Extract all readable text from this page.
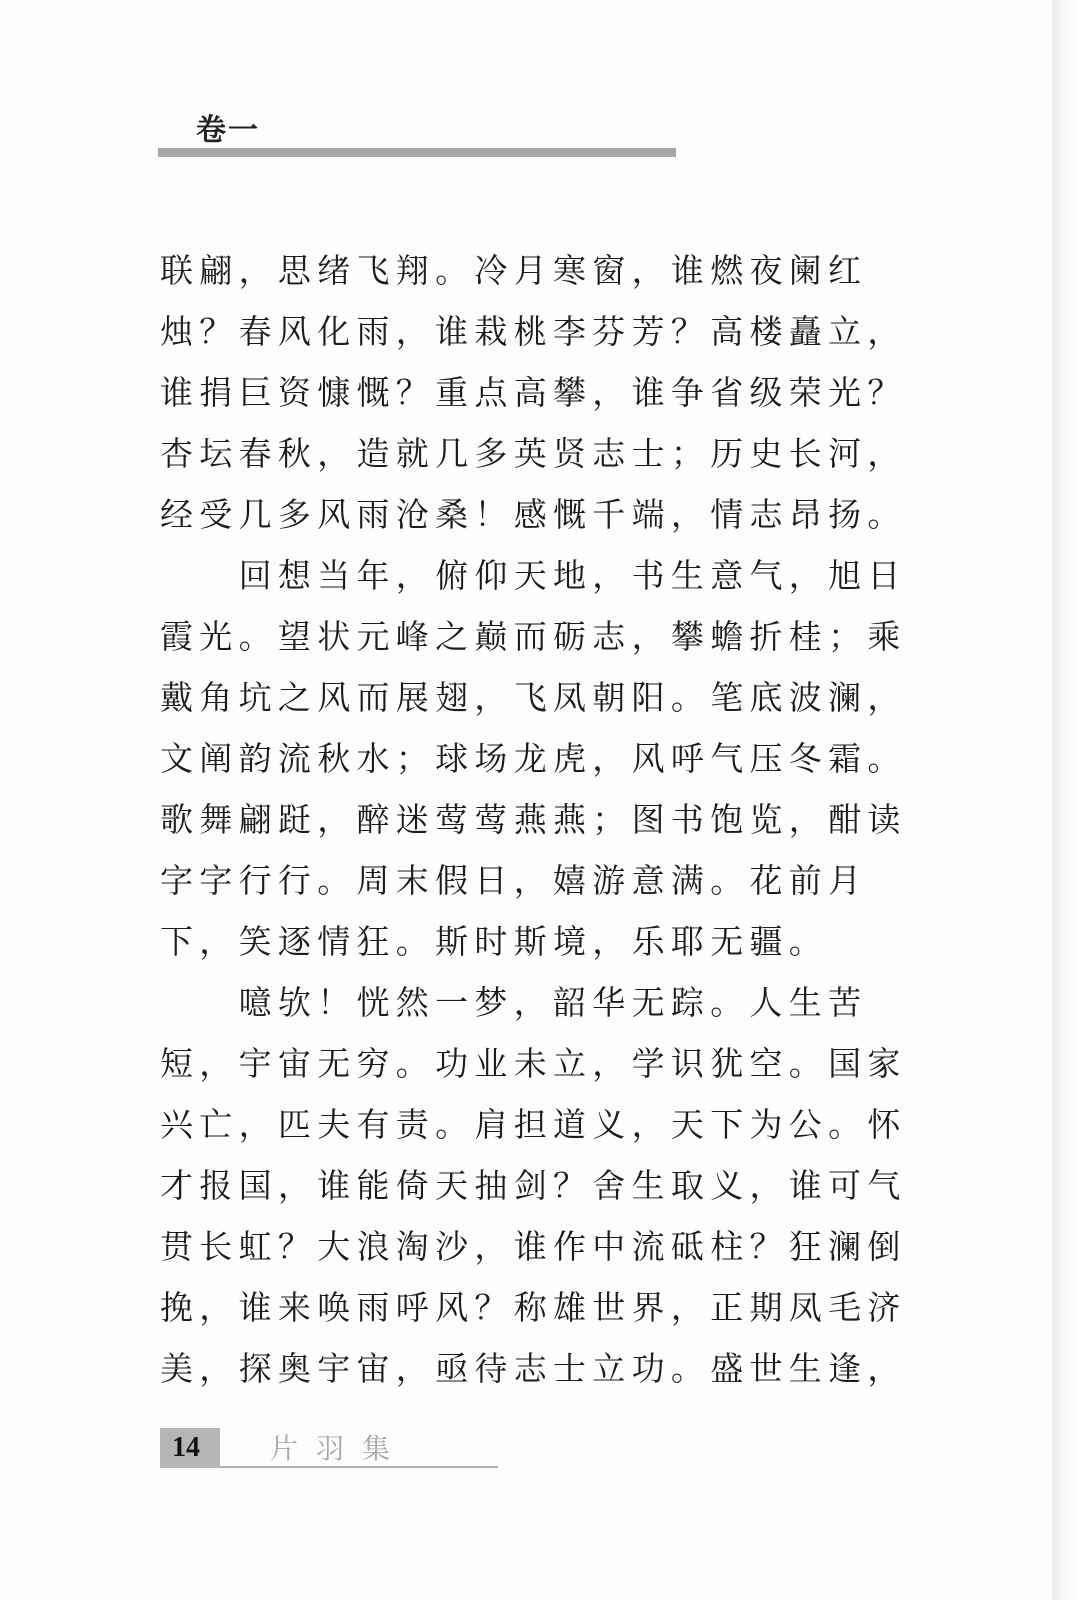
卷一
联翩，思绪飞翔。冷月寒窗，谁燃夜阑红
烛？春风化雨，谁栽桃李芬芳？高楼矗立，
谁捐巨资慷慨？重点高攀，谁争省级荣光？
杏坛春秋，造就几多英贤志士；历史长河，
经受几多风雨沧桑！感慨千端，情志昂扬。
　　回想当年，俯仰天地，书生意气，旭日
霞光。望状元峰之巅而砺志，攀蟾折桂；乘
戴角坑之风而展翅，飞凤朝阳。笔底波澜，
文阐韵流秋水；球场龙虎，风呼气压冬霜。
歌舞翩跹，醉迷莺莺燕燕；图书饱览，酣读
字字行行。周末假日，嬉游意满。花前月
下，笑逐情狂。斯时斯境，乐耶无疆。
　　噫欤！恍然一梦，韶华无踪。人生苦
短，宇宙无穷。功业未立，学识犹空。国家
兴亡，匹夫有责。肩担道义，天下为公。怀
才报国，谁能倚天抽剑？舍生取义，谁可气
贯长虹？大浪淘沙，谁作中流砥柱？狂澜倒
挽，谁来唤雨呼风？称雄世界，正期凤毛济
美，探奥宇宙，亟待志士立功。盛世生逢，
14	片羽集
